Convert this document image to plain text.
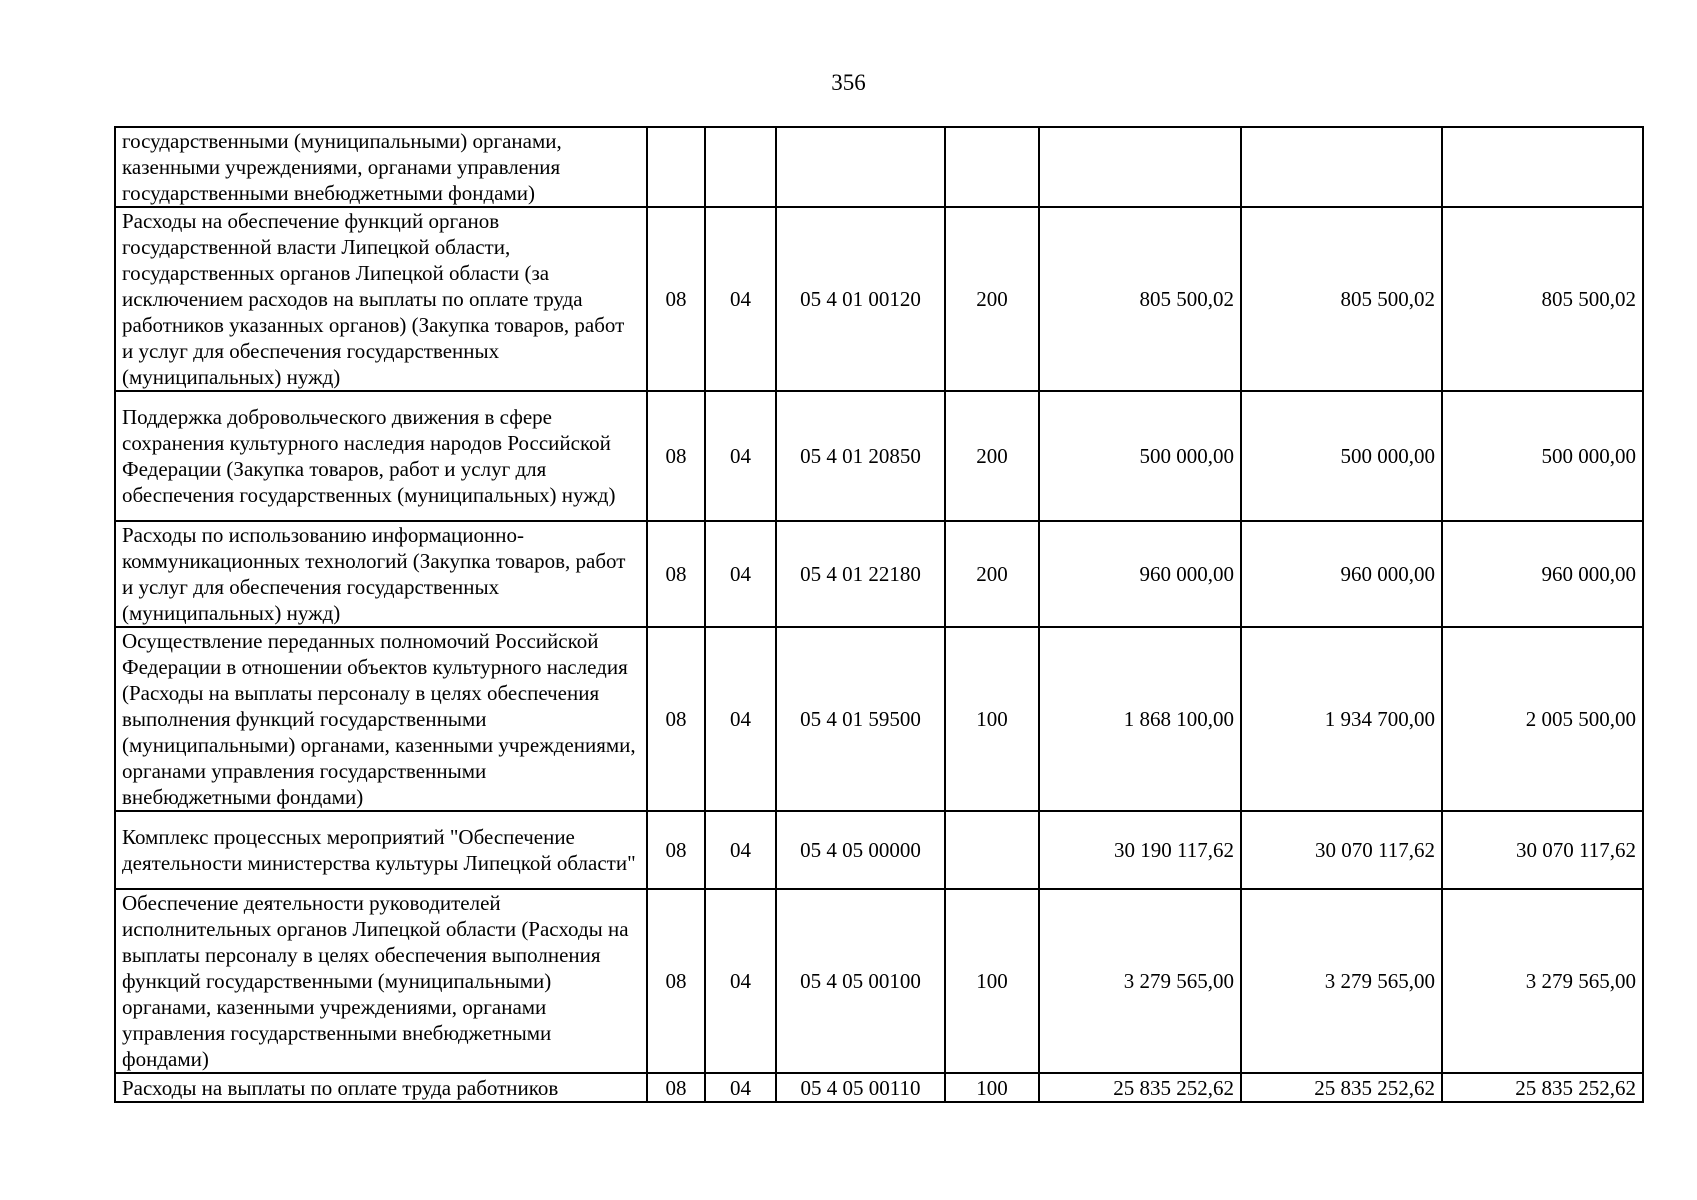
356
государственными (муниципальными) органами, казенными учреждениями, органами управления государственными внебюджетными фондами)							
Расходы на обеспечение функций органов государственной власти Липецкой области, государственных органов Липецкой области (за исключением расходов на выплаты по оплате труда работников указанных органов) (Закупка товаров, работ и услуг для обеспечения государственных (муниципальных) нужд)	08	04	05 4 01 00120	200	805 500,02	805 500,02	805 500,02
Поддержка добровольческого движения в сфере сохранения культурного наследия народов Российской Федерации (Закупка товаров, работ и услуг для обеспечения государственных (муниципальных) нужд)	08	04	05 4 01 20850	200	500 000,00	500 000,00	500 000,00
Расходы по использованию информационно-коммуникационных технологий (Закупка товаров, работ и услуг для обеспечения государственных (муниципальных) нужд)	08	04	05 4 01 22180	200	960 000,00	960 000,00	960 000,00
Осуществление переданных полномочий Российской Федерации в отношении объектов культурного наследия (Расходы на выплаты персоналу в целях обеспечения выполнения функций государственными (муниципальными) органами, казенными учреждениями, органами управления государственными внебюджетными фондами)	08	04	05 4 01 59500	100	1 868 100,00	1 934 700,00	2 005 500,00
Комплекс процессных мероприятий "Обеспечение деятельности министерства культуры Липецкой области"	08	04	05 4 05 00000		30 190 117,62	30 070 117,62	30 070 117,62
Обеспечение деятельности руководителей исполнительных органов Липецкой области (Расходы на выплаты персоналу в целях обеспечения выполнения функций государственными (муниципальными) органами, казенными учреждениями, органами управления государственными внебюджетными фондами)	08	04	05 4 05 00100	100	3 279 565,00	3 279 565,00	3 279 565,00
Расходы на выплаты по оплате труда работников	08	04	05 4 05 00110	100	25 835 252,62	25 835 252,62	25 835 252,62
